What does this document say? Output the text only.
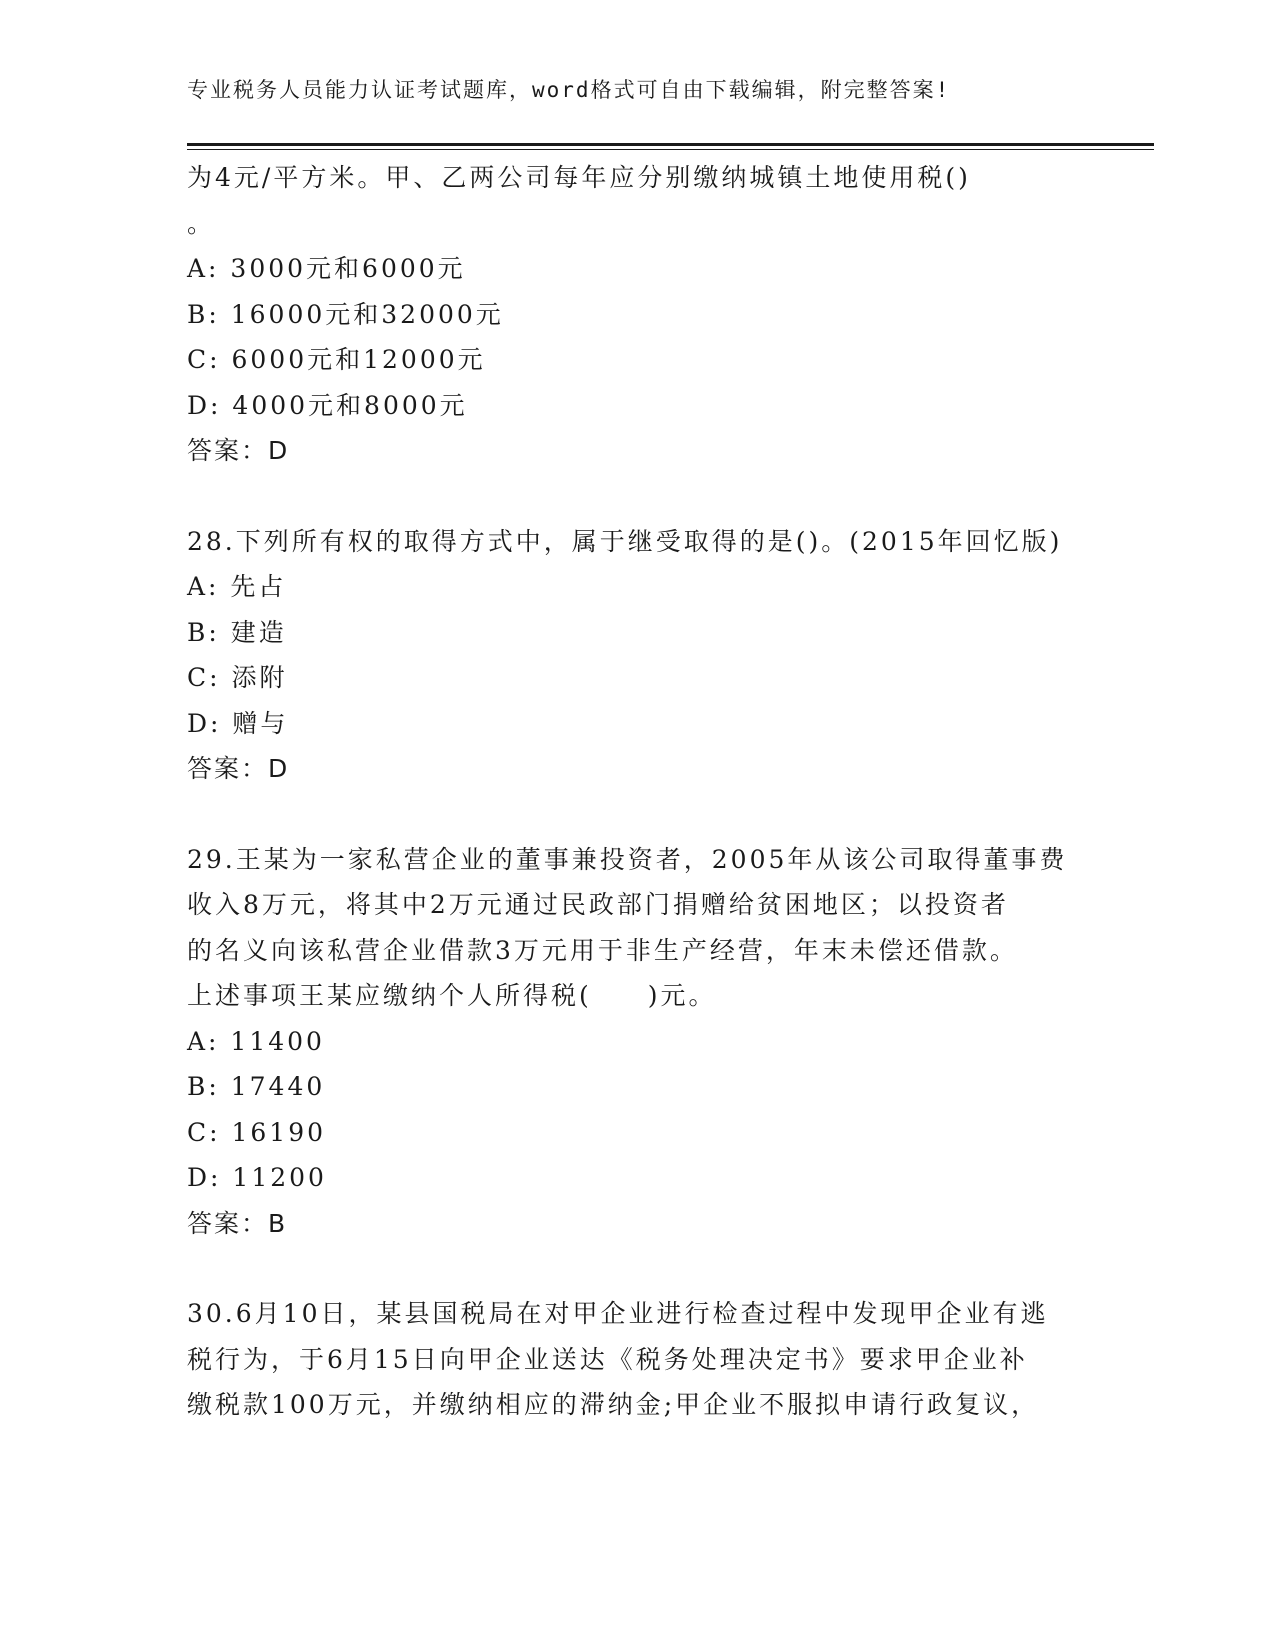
专业税务人员能力认证考试题库，word格式可自由下载编辑，附完整答案!
为4元/平方米。甲、乙两公司每年应分别缴纳城镇土地使用税()
。
A: 3000元和6000元
B: 16000元和32000元
C: 6000元和12000元
D: 4000元和8000元
答案：D
28.下列所有权的取得方式中，属于继受取得的是()。(2015年回忆版)
A: 先占
B: 建造
C: 添附
D: 赠与
答案：D
29.王某为一家私营企业的董事兼投资者，2005年从该公司取得董事费
收入8万元，将其中2万元通过民政部门捐赠给贫困地区；以投资者
的名义向该私营企业借款3万元用于非生产经营，年末未偿还借款。
上述事项王某应缴纳个人所得税(　　)元。
A: 11400
B: 17440
C: 16190
D: 11200
答案：B
30.6月10日，某县国税局在对甲企业进行检查过程中发现甲企业有逃
税行为，于6月15日向甲企业送达《税务处理决定书》要求甲企业补
缴税款100万元，并缴纳相应的滞纳金;甲企业不服拟申请行政复议，
